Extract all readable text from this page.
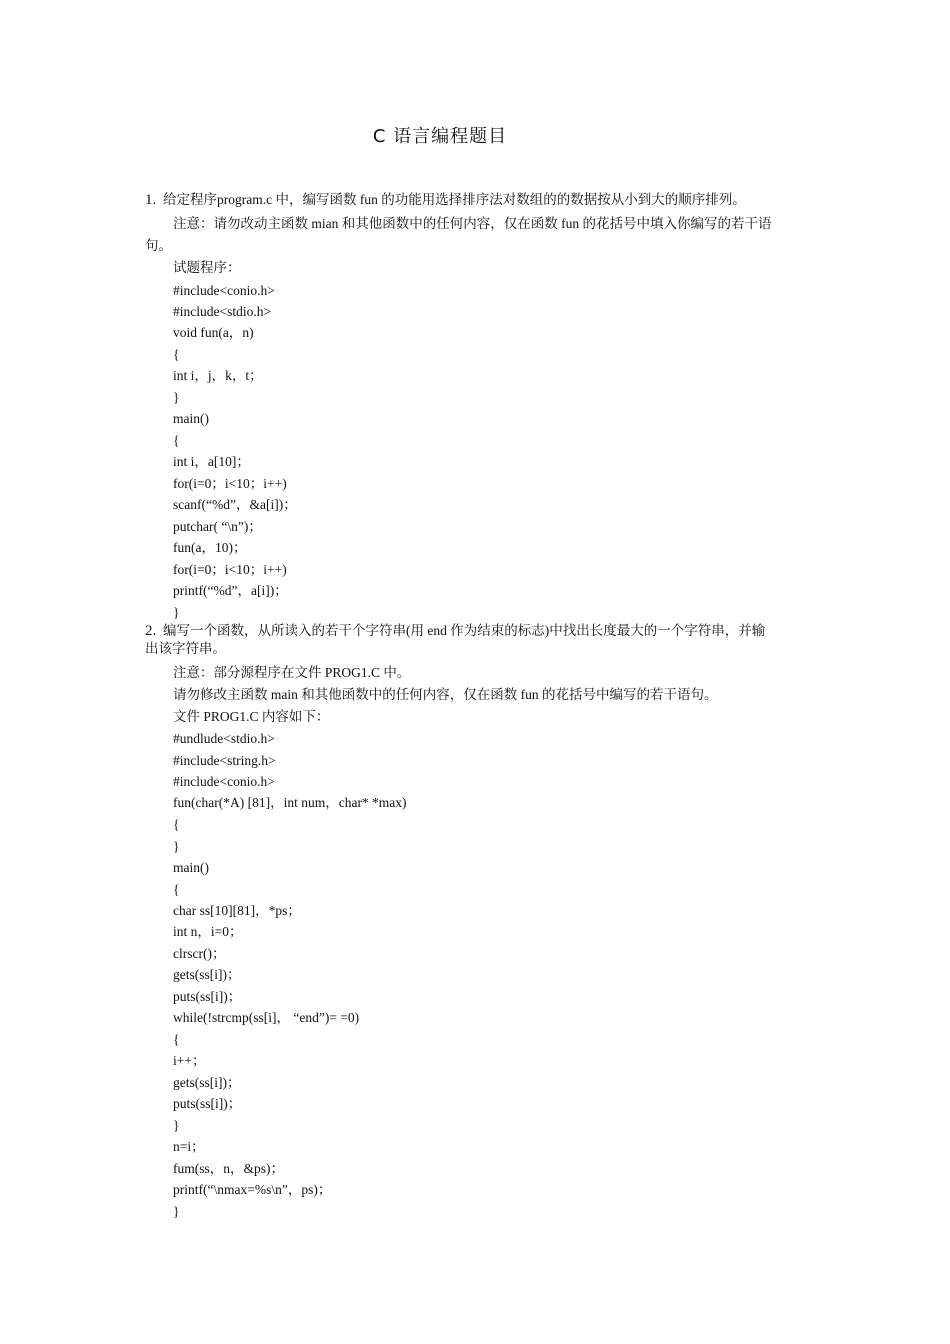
C 语言编程题目
1. 给定程序program.c 中，编写函数 fun 的功能用选择排序法对数组的的数据按从小到大的顺序排列。
注意：请勿改动主函数 mian 和其他函数中的任何内容，仅在函数 fun 的花括号中填入你编写的若干语
句。
试题程序：
#include<conio.h>
#include<stdio.h>
void fun(a，n)
{
int i，j，k，t；
}
main()
{
int i，a[10]；
for(i=0；i<10；i++)
scanf(“%d”，&a[i])；
putchar( “\n”)；
fun(a，10)；
for(i=0；i<10；i++)
printf(“%d”，a[i])；
}
2. 编写一个函数，从所读入的若干个字符串(用 end 作为结束的标志)中找出长度最大的一个字符串，并输
出该字符串。
注意：部分源程序在文件 PROG1.C 中。
请勿修改主函数 main 和其他函数中的任何内容，仅在函数 fun 的花括号中编写的若干语句。
文件 PROG1.C 内容如下：
#undlude<stdio.h>
#include<string.h>
#include<conio.h>
fun(char(*A) [81]，int num，char* *max)
{
}
main()
{
char ss[10][81]，*ps；
int n，i=0；
clrscr()；
gets(ss[i])；
puts(ss[i])；
while(!strcmp(ss[i]， “end”)= =0)
{
i++；
gets(ss[i])；
puts(ss[i])；
}
n=i；
fum(ss，n，&ps)；
printf(“\nmax=%s\n”，ps)；
}
